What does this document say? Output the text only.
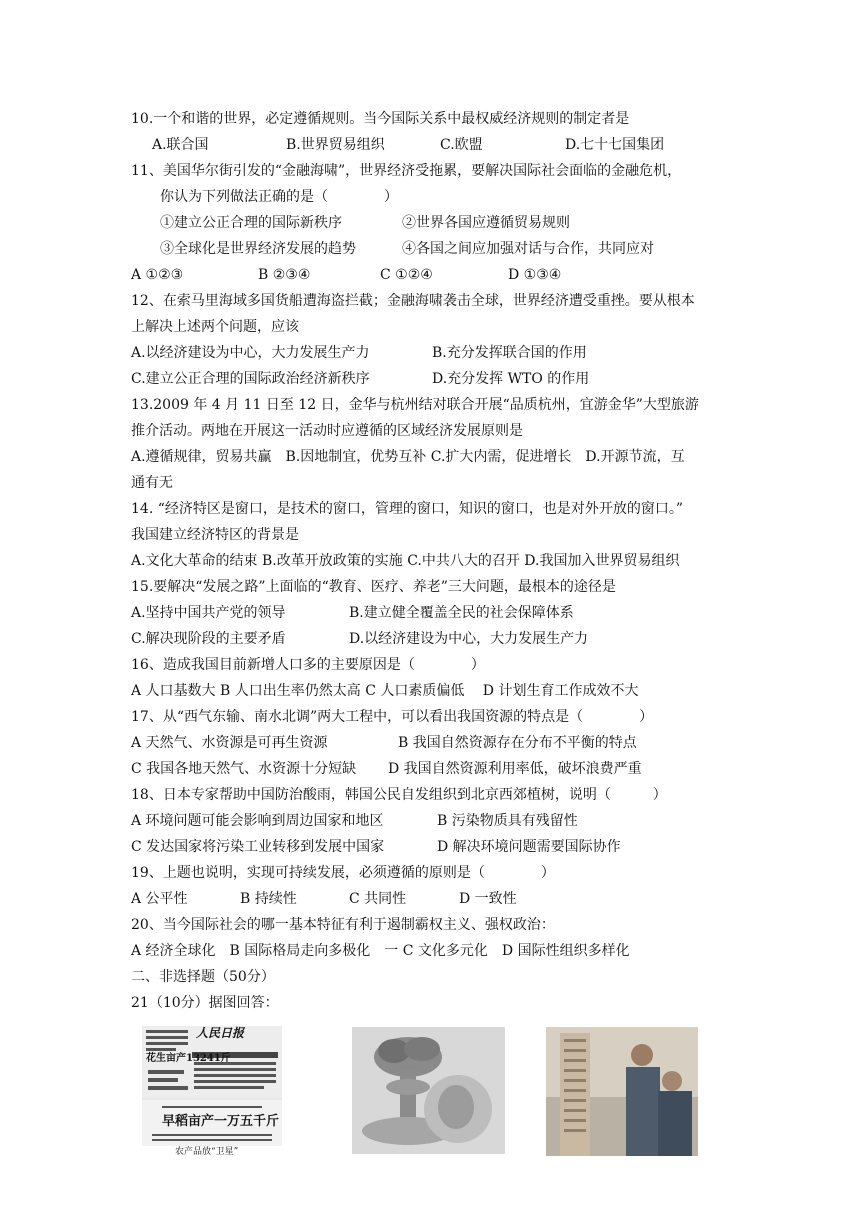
10.一个和谐的世界，必定遵循规则。当今国际关系中最权威经济规则的制定者是
A.联合国	B.世界贸易组织	C.欧盟	D.七十七国集团
11、美国华尔街引发的“金融海啸”，世界经济受拖累，要解决国际社会面临的金融危机，
你认为下列做法正确的是（　　　　）
①建立公正合理的国际新秩序	②世界各国应遵循贸易规则
③全球化是世界经济发展的趋势	④各国之间应加强对话与合作，共同应对
A ①②③	B ②③④	C ①②④	D ①③④
12、在索马里海域多国货船遭海盗拦截；金融海啸袭击全球，世界经济遭受重挫。要从根本
上解决上述两个问题，应该
A.以经济建设为中心，大力发展生产力	B.充分发挥联合国的作用
C.建立公正合理的国际政治经济新秩序	D.充分发挥 WTO 的作用
13.2009 年 4 月 11 日至 12 日，金华与杭州结对联合开展“品质杭州，宜游金华”大型旅游
推介活动。两地在开展这一活动时应遵循的区域经济发展原则是
A.遵循规律，贸易共赢　B.因地制宜，优势互补 C.扩大内需，促进增长　D.开源节流，互
通有无
14. “经济特区是窗口，是技术的窗口，管理的窗口，知识的窗口，也是对外开放的窗口。”
我国建立经济特区的背景是
A.文化大革命的结束 B.改革开放政策的实施 C.中共八大的召开 D.我国加入世界贸易组织
15.要解决“发展之路”上面临的“教育、医疗、养老”三大问题，最根本的途径是
A.坚持中国共产党的领导	B.建立健全覆盖全民的社会保障体系
C.解决现阶段的主要矛盾	D.以经济建设为中心，大力发展生产力
16、造成我国目前新增人口多的主要原因是（　　　　）
A 人口基数大 B 人口出生率仍然太高 C 人口素质偏低　 D 计划生育工作成效不大
17、从“西气东输、南水北调”两大工程中，可以看出我国资源的特点是（　　　　）
A 天然气、水资源是可再生资源	B 我国自然资源存在分布不平衡的特点
C 我国各地天然气、水资源十分短缺 D 我国自然资源利用率低，破坏浪费严重
18、日本专家帮助中国防治酸雨，韩国公民自发组织到北京西郊植树，说明（　　　）
A 环境问题可能会影响到周边国家和地区	B 污染物质具有残留性
C 发达国家将污染工业转移到发展中国家	D 解决环境问题需要国际协作
19、上题也说明，实现可持续发展，必须遵循的原则是（　　　　）
A 公平性	B 持续性	C 共同性	D 一致性
20、当今国际社会的哪一基本特征有利于遏制霸权主义、强权政治：
A 经济全球化　B 国际格局走向多极化　一 C 文化多元化　D 国际性组织多样化
二、非选择题（50分）
21（10分）据图回答：
人民日报
花生亩产13241斤
早稻亩产一万五千斤
农产品放“卫星”
